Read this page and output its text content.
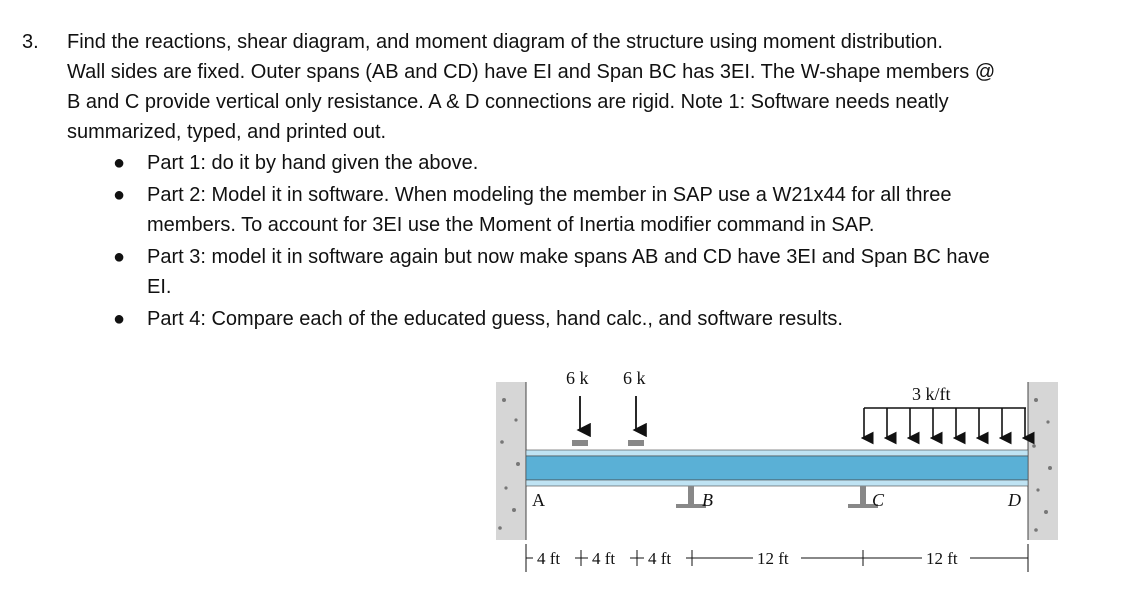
3. Find the reactions, shear diagram, and moment diagram of the structure using moment distribution.
Wall sides are fixed. Outer spans (AB and CD) have EI and Span BC has 3EI. The W-shape members @
B and C provide vertical only resistance. A & D connections are rigid. Note 1: Software needs neatly
summarized, typed, and printed out.
● Part 1: do it by hand given the above.
● Part 2: Model it in software. When modeling the member in SAP use a W21x44 for all three
members. To account for 3EI use the Moment of Inertia modifier command in SAP.
● Part 3: model it in software again but now make spans AB and CD have 3EI and Span BC have
EI.
● Part 4: Compare each of the educated guess, hand calc., and software results.
6 k 6 k
3 k/ft
A	B	C	D
4 ft 4 ft 4 ft	12 ft	12 ft
